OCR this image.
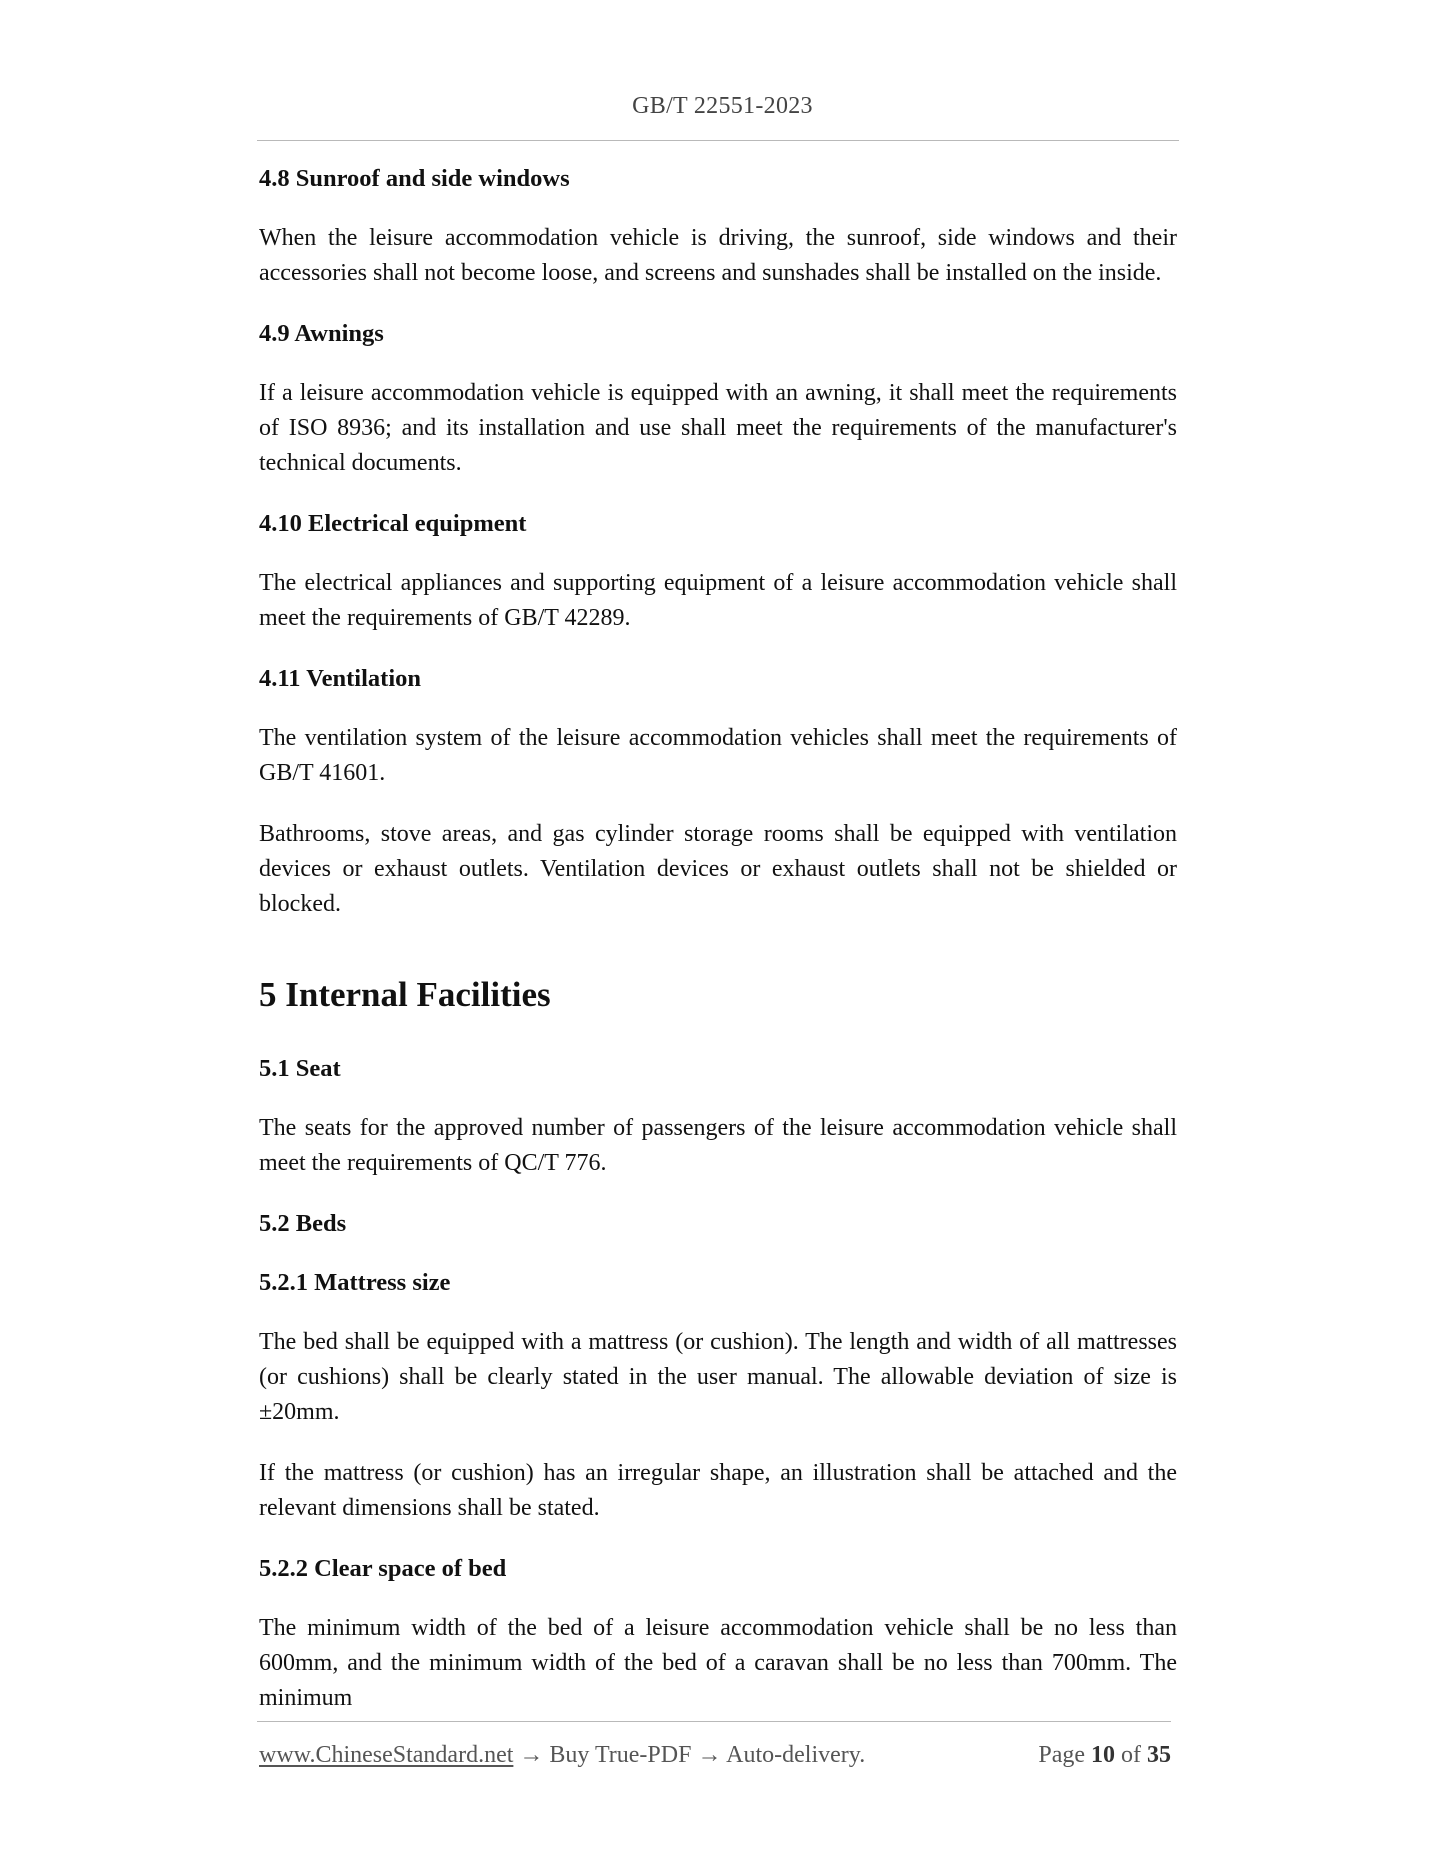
GB/T 22551-2023
4.8 Sunroof and side windows

When the leisure accommodation vehicle is driving, the sunroof, side windows and their accessories shall not become loose, and screens and sunshades shall be installed on the inside.

4.9 Awnings

If a leisure accommodation vehicle is equipped with an awning, it shall meet the requirements of ISO 8936; and its installation and use shall meet the requirements of the manufacturer's technical documents.

4.10 Electrical equipment

The electrical appliances and supporting equipment of a leisure accommodation vehicle shall meet the requirements of GB/T 42289.

4.11 Ventilation

The ventilation system of the leisure accommodation vehicles shall meet the requirements of GB/T 41601.

Bathrooms, stove areas, and gas cylinder storage rooms shall be equipped with ventilation devices or exhaust outlets. Ventilation devices or exhaust outlets shall not be shielded or blocked.

5 Internal Facilities
5.1 Seat

The seats for the approved number of passengers of the leisure accommodation vehicle shall meet the requirements of QC/T 776.

5.2 Beds
5.2.1 Mattress size

The bed shall be equipped with a mattress (or cushion). The length and width of all mattresses (or cushions) shall be clearly stated in the user manual. The allowable deviation of size is ±20mm.

If the mattress (or cushion) has an irregular shape, an illustration shall be attached and the relevant dimensions shall be stated.

5.2.2 Clear space of bed

The minimum width of the bed of a leisure accommodation vehicle shall be no less than 600mm, and the minimum width of the bed of a caravan shall be no less than 700mm. The minimum

www.ChineseStandard.net → Buy True-PDF → Auto-delivery.	Page 10 of 35
